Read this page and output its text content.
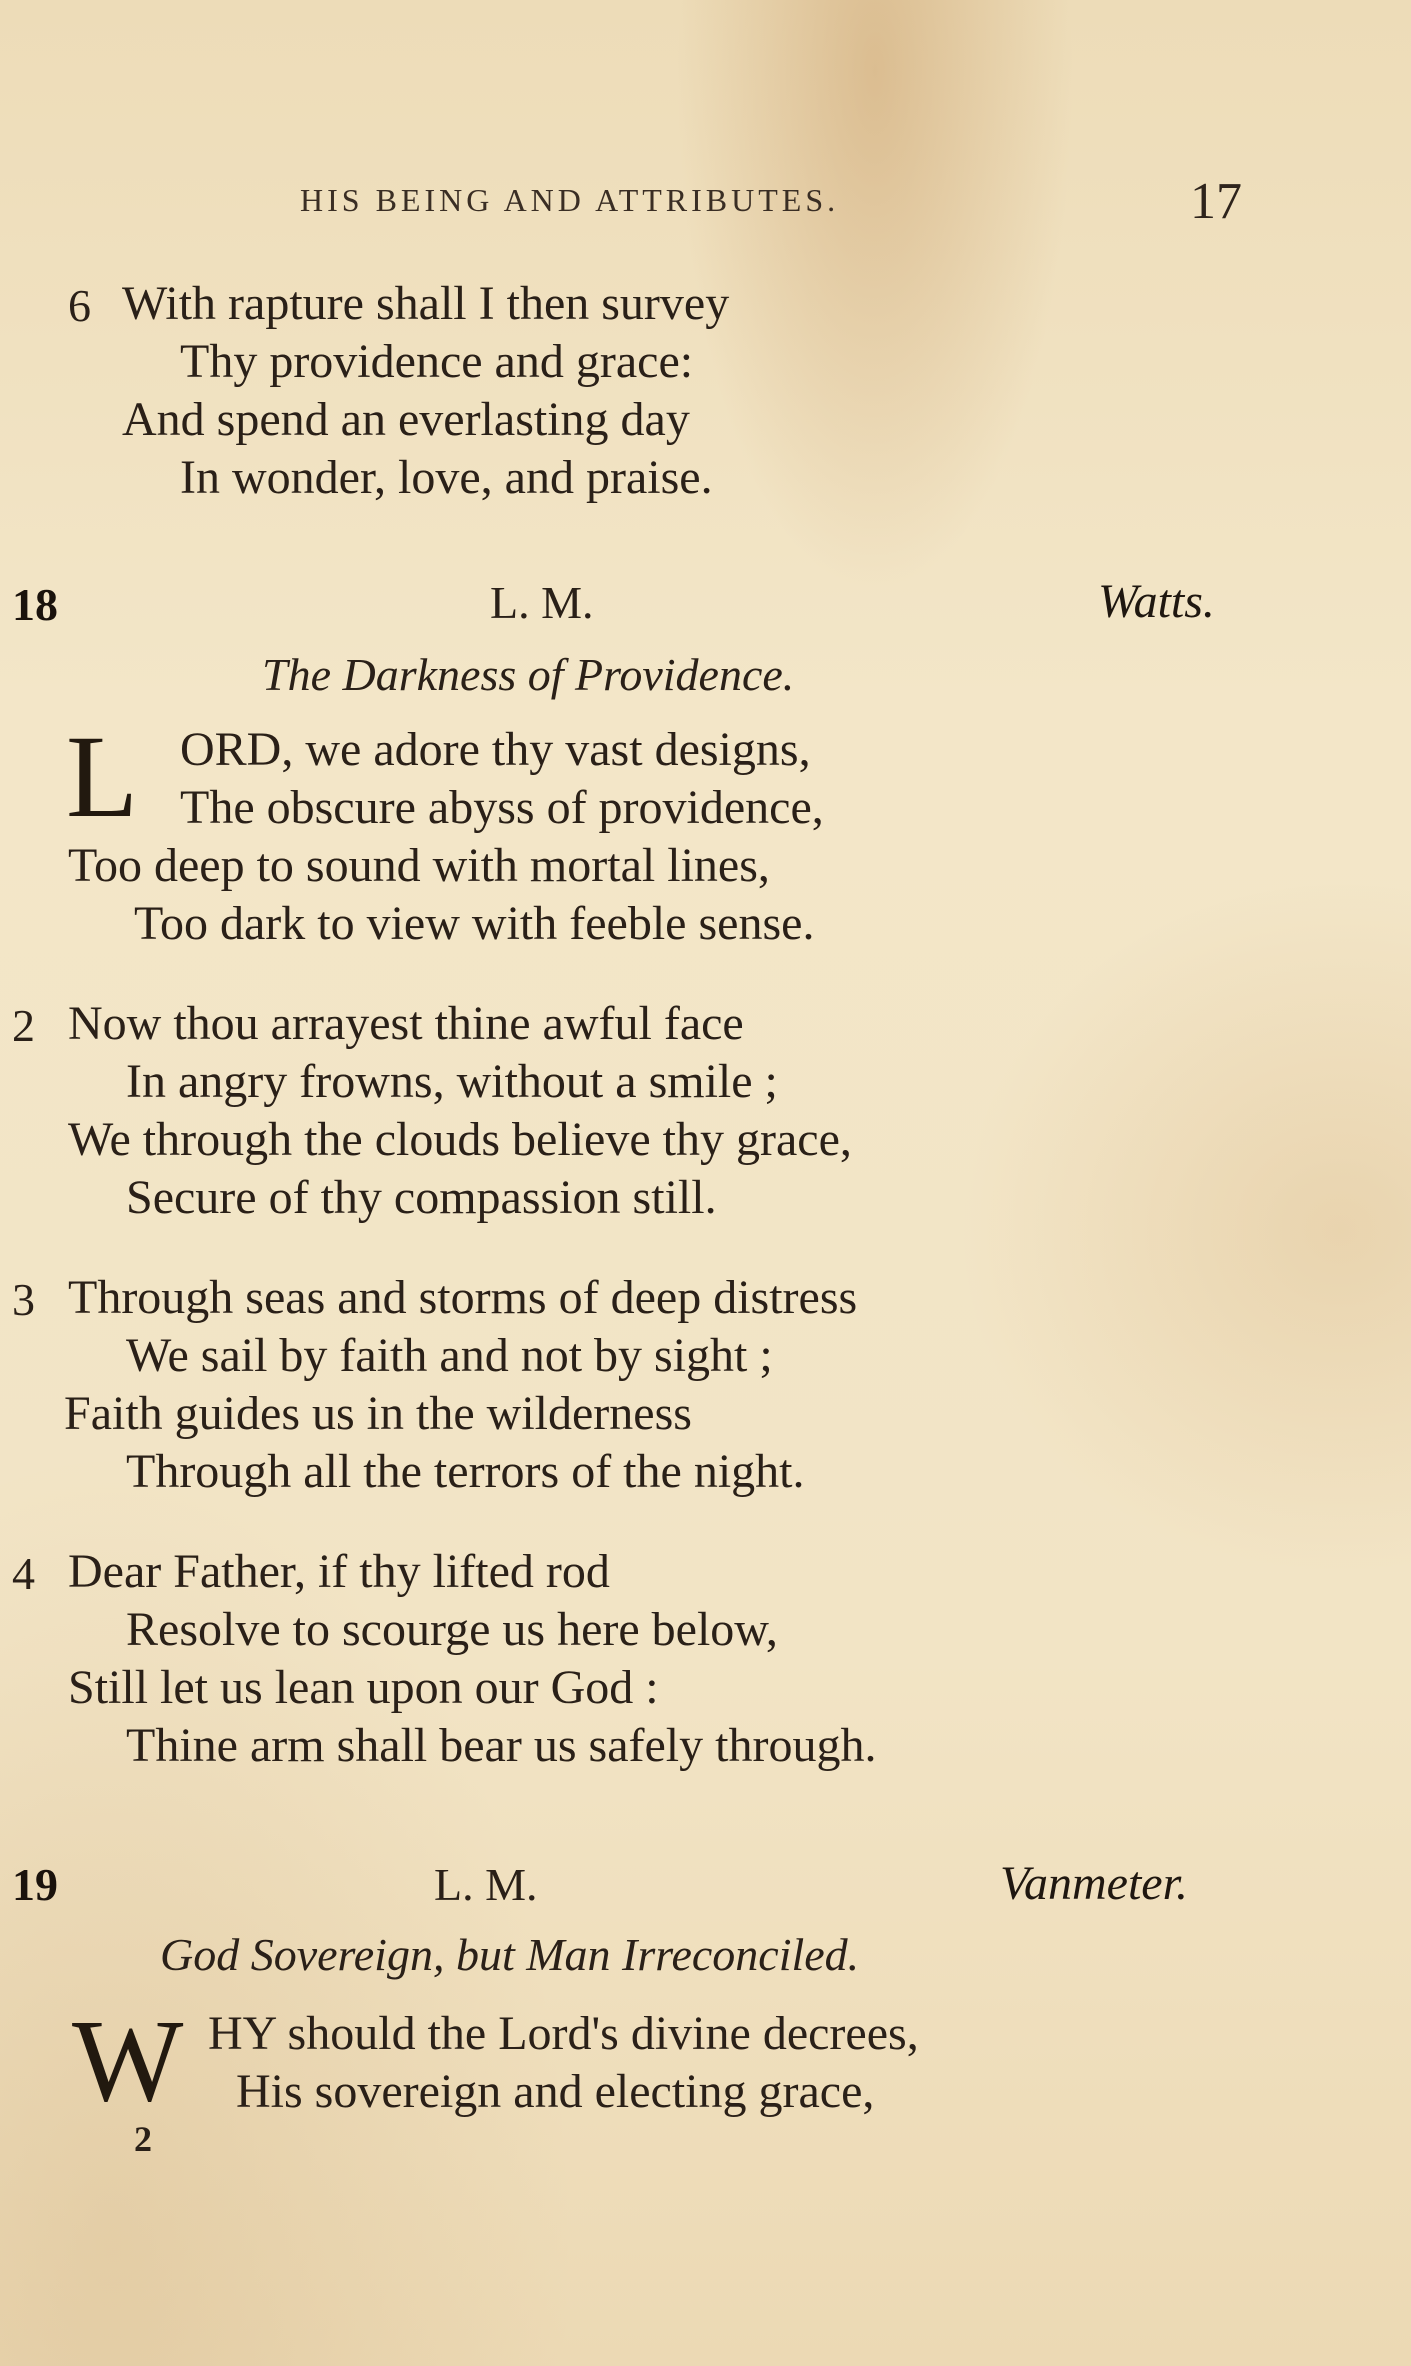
HIS BEING AND ATTRIBUTES.	17
6 With rapture shall I then survey
Thy providence and grace:
And spend an everlasting day
In wonder, love, and praise.
18	L. M.	Watts.
The Darkness of Providence.
L ORD, we adore thy vast designs,
The obscure abyss of providence,
Too deep to sound with mortal lines,
Too dark to view with feeble sense.
2 Now thou arrayest thine awful face
In angry frowns, without a smile ;
We through the clouds believe thy grace,
Secure of thy compassion still.
3 Through seas and storms of deep distress
We sail by faith and not by sight ;
Faith guides us in the wilderness
Through all the terrors of the night.
4 Dear Father, if thy lifted rod
Resolve to scourge us here below,
Still let us lean upon our God :
Thine arm shall bear us safely through.
19	L. M.	Vanmeter.
God Sovereign, but Man Irreconciled.
W HY should the Lord's divine decrees,
His sovereign and electing grace,
2
